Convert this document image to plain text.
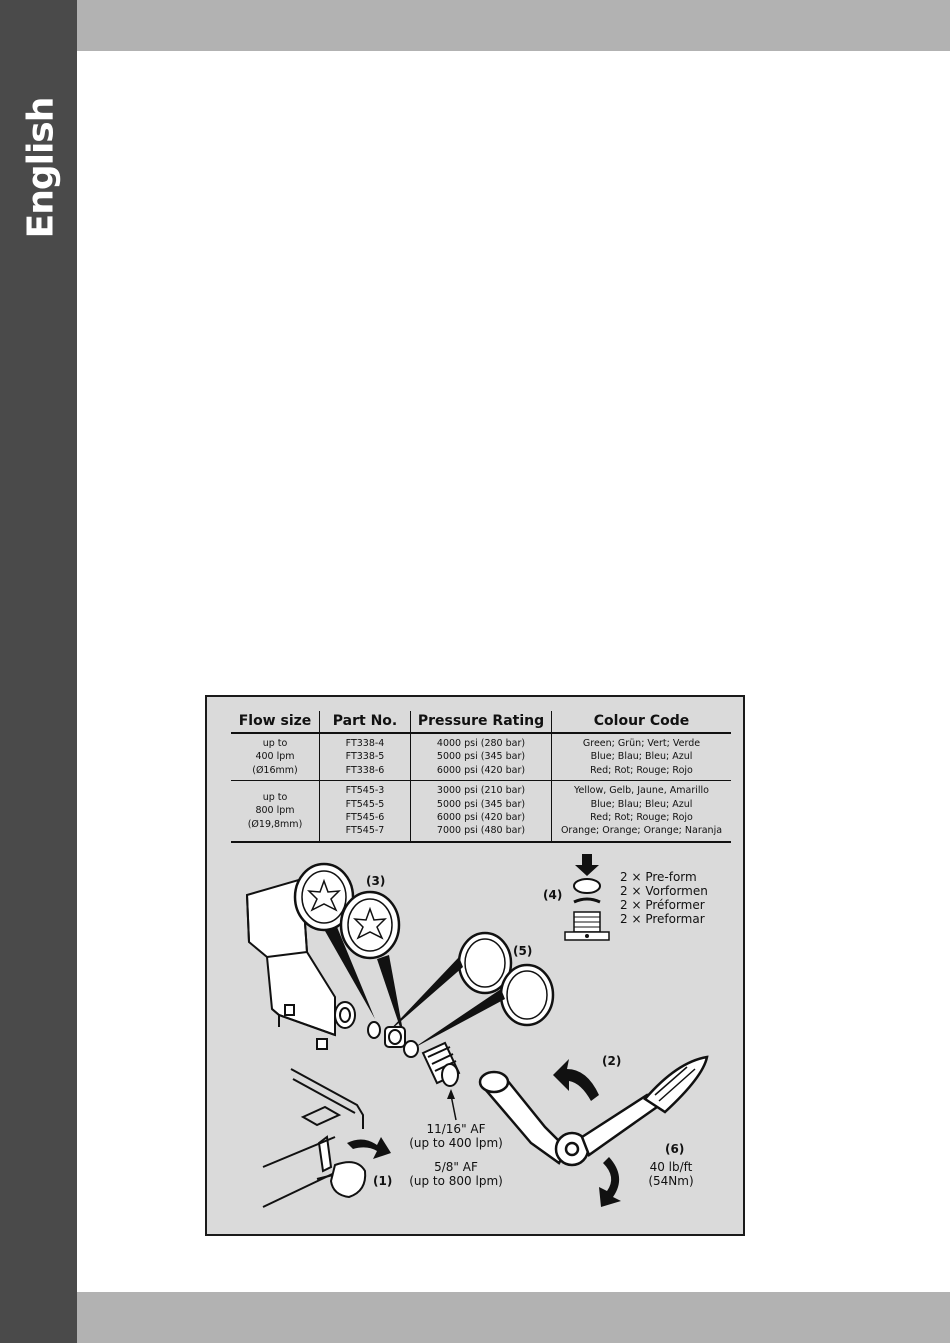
English
(3)
(4)
(5)
(2)
(6)
(1)
2 × Pre-form
2 × Vorformen
2 × Préformer
2 × Preformar
11/16" AF
(up to 400 lpm)
5/8" AF
(up to 800 lpm)
40 lb/ft
(54Nm)
Flow size	Part No.	Pressure Rating	Colour Code

up to
400 lpm
(Ø16mm)	FT338-4
FT338-5
FT338-6	4000 psi (280 bar)
5000 psi (345 bar)
6000 psi (420 bar)	Green; Grün; Vert; Verde
Blue; Blau; Bleu; Azul
Red; Rot; Rouge; Rojo

up to
800 lpm
(Ø19,8mm)	FT545-3
FT545-5
FT545-6
FT545-7	3000 psi (210 bar)
5000 psi (345 bar)
6000 psi (420 bar)
7000 psi (480 bar)	Yellow, Gelb, Jaune, Amarillo
Blue; Blau; Bleu; Azul
Red; Rot; Rouge; Rojo
Orange; Orange; Orange; Naranja
